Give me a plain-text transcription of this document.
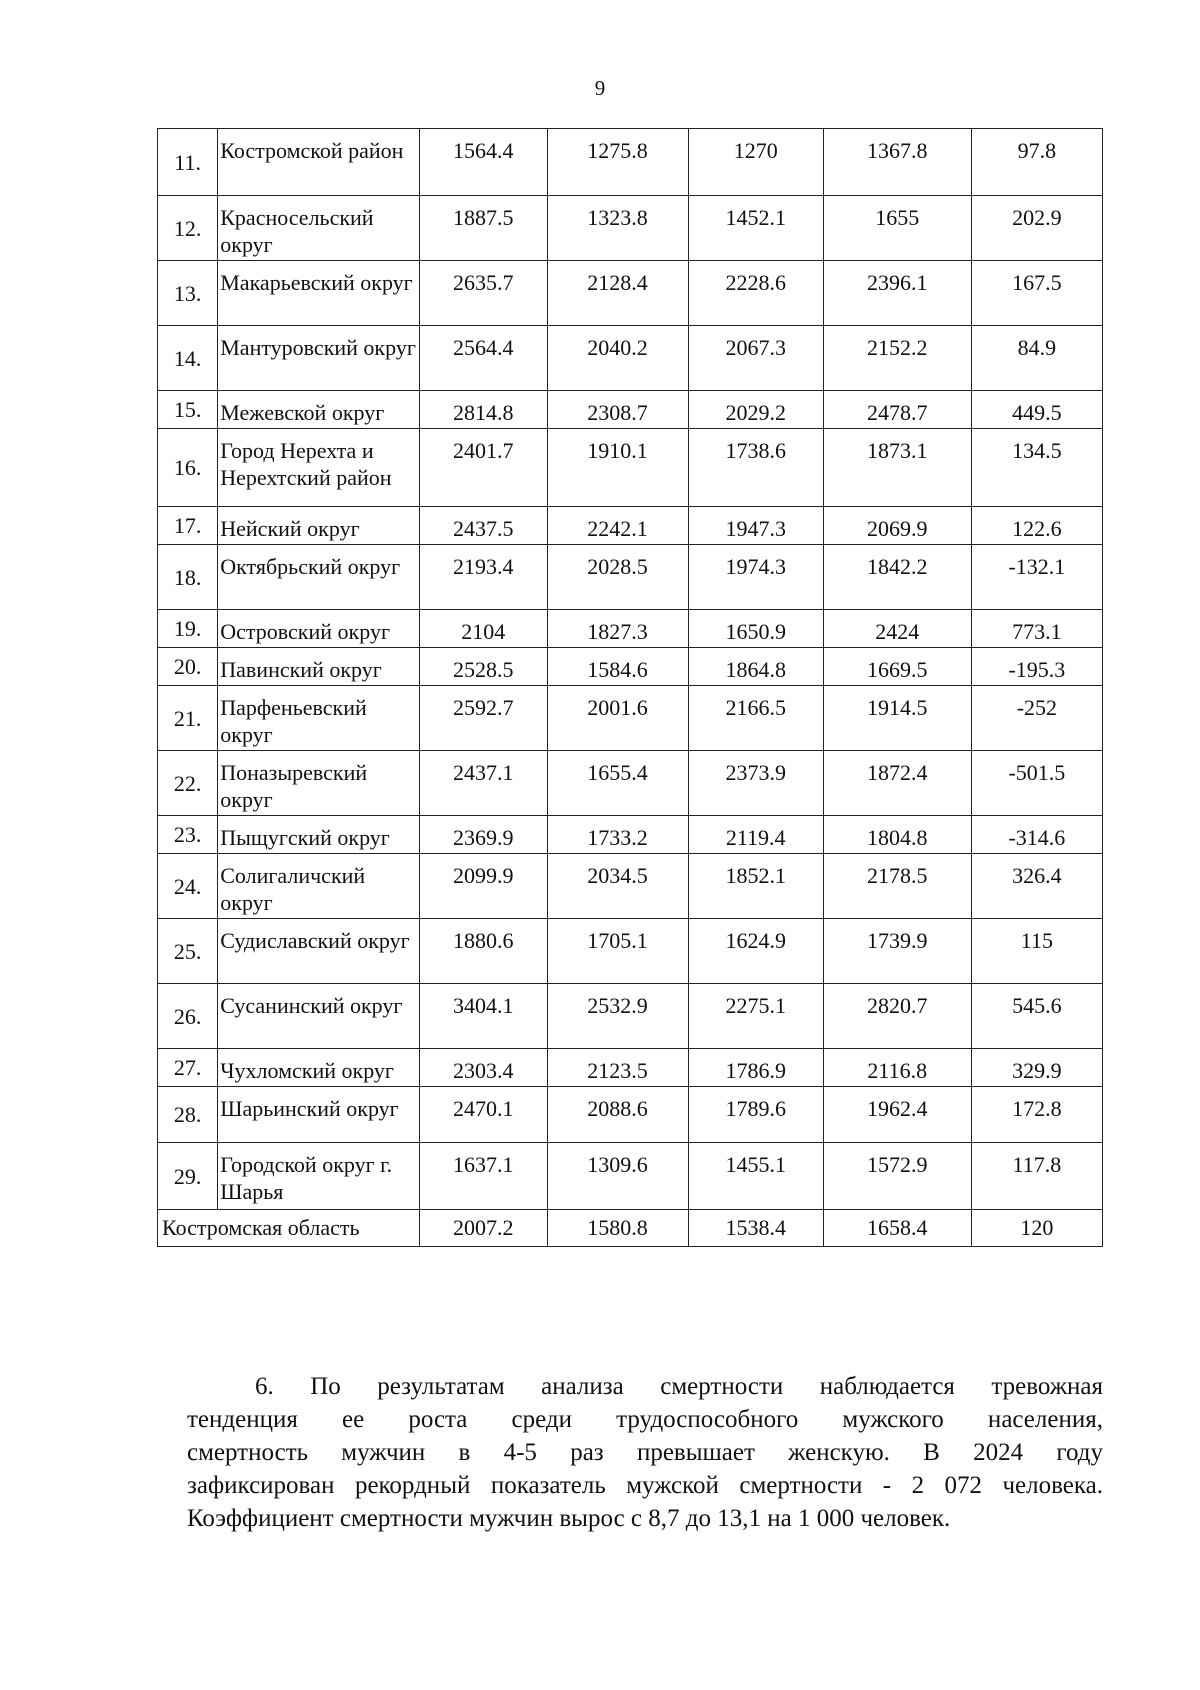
9
11.	Костромской район	1564.4	1275.8	1270	1367.8	97.8
12.	Красносельский округ	1887.5	1323.8	1452.1	1655	202.9
13.	Макарьевский округ	2635.7	2128.4	2228.6	2396.1	167.5
14.	Мантуровский округ	2564.4	2040.2	2067.3	2152.2	84.9
15.	Межевской округ	2814.8	2308.7	2029.2	2478.7	449.5
16.	Город Нерехта и Нерехтский район	2401.7	1910.1	1738.6	1873.1	134.5
17.	Нейский округ	2437.5	2242.1	1947.3	2069.9	122.6
18.	Октябрьский округ	2193.4	2028.5	1974.3	1842.2	-132.1
19.	Островский округ	2104	1827.3	1650.9	2424	773.1
20.	Павинский округ	2528.5	1584.6	1864.8	1669.5	-195.3
21.	Парфеньевский округ	2592.7	2001.6	2166.5	1914.5	-252
22.	Поназыревский округ	2437.1	1655.4	2373.9	1872.4	-501.5
23.	Пыщугский округ	2369.9	1733.2	2119.4	1804.8	-314.6
24.	Солигаличский округ	2099.9	2034.5	1852.1	2178.5	326.4
25.	Судиславский округ	1880.6	1705.1	1624.9	1739.9	115
26.	Сусанинский округ	3404.1	2532.9	2275.1	2820.7	545.6
27.	Чухломский округ	2303.4	2123.5	1786.9	2116.8	329.9
28.	Шарьинский округ	2470.1	2088.6	1789.6	1962.4	172.8
29.	Городской округ г. Шарья	1637.1	1309.6	1455.1	1572.9	117.8
Костромская область		2007.2	1580.8	1538.4	1658.4	120
6. По результатам анализа смертности наблюдается тревожная
тенденция ее роста среди трудоспособного мужского населения,
смертность мужчин в 4-5 раз превышает женскую. В 2024 году
зафиксирован рекордный показатель мужской смертности - 2 072 человека.
Коэффициент смертности мужчин вырос с 8,7 до 13,1 на 1 000 человек.
